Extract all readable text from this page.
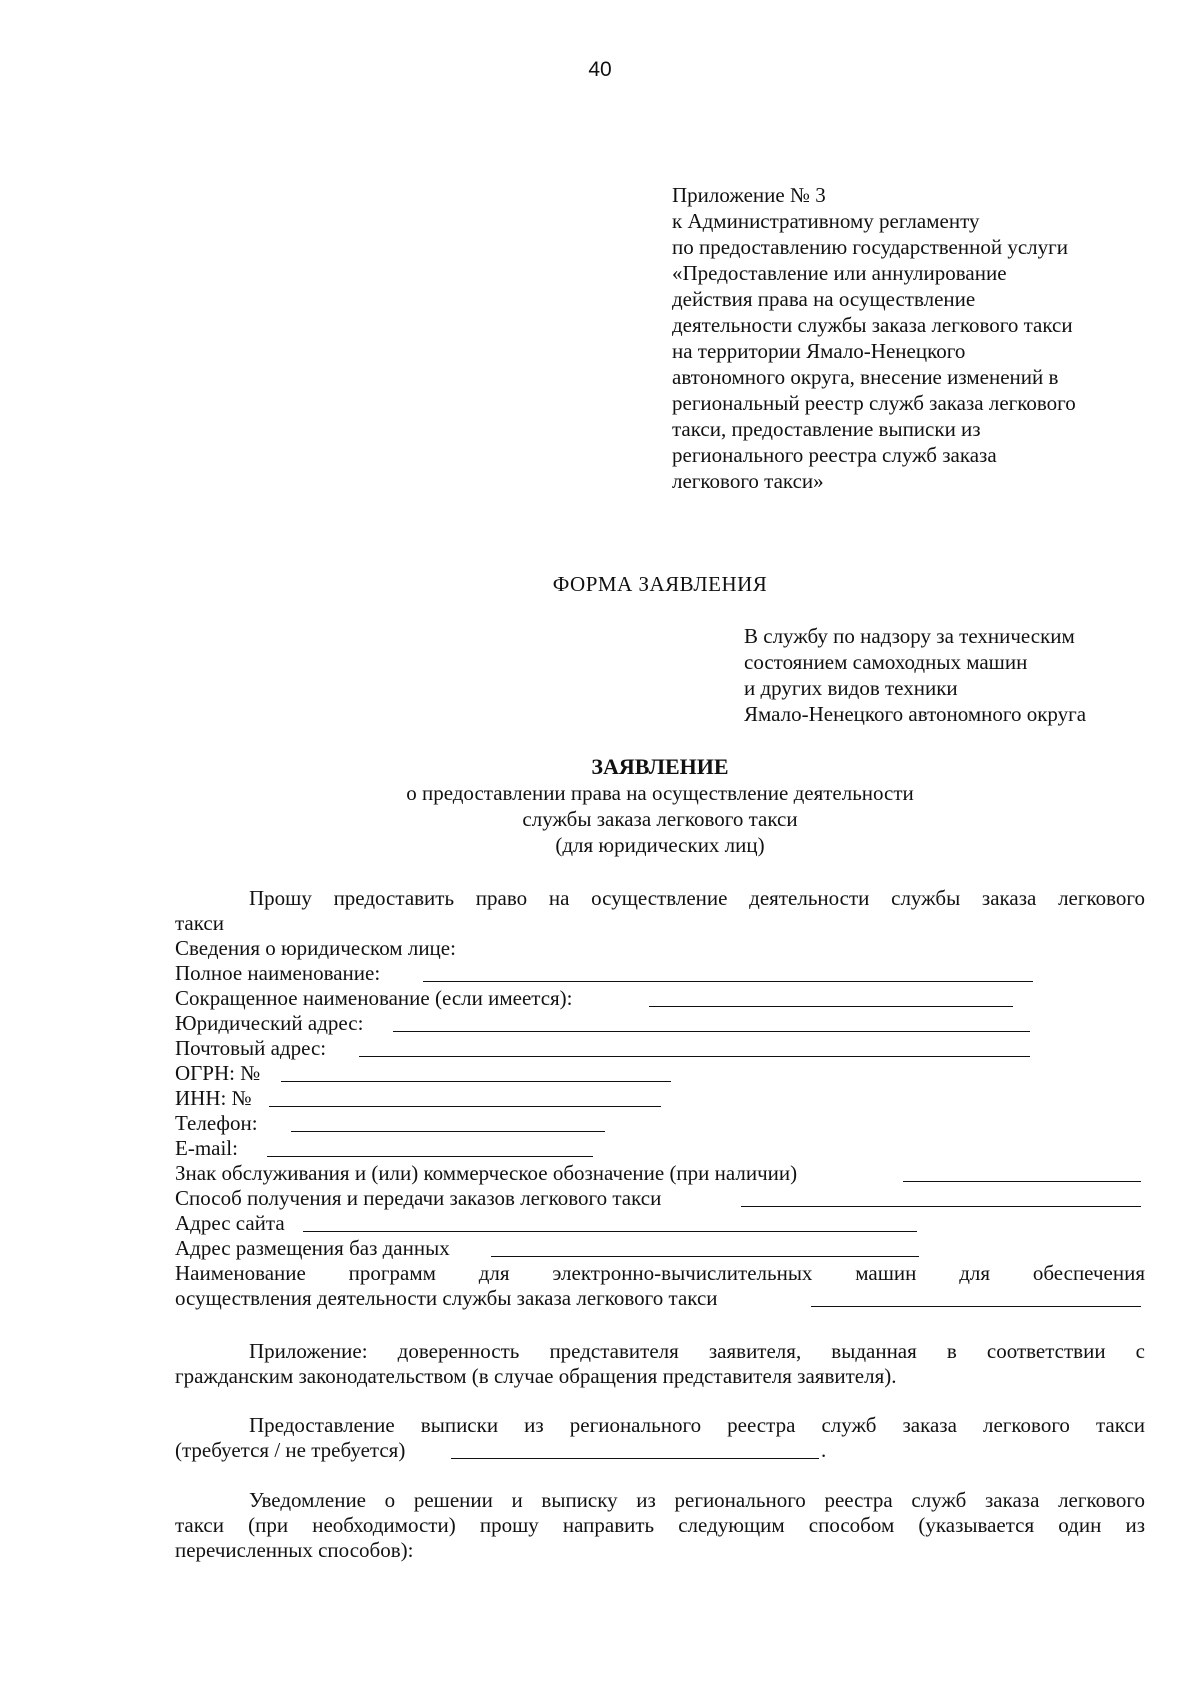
40
Приложение № 3
к Административному регламенту
по предоставлению государственной услуги
«Предоставление или аннулирование
действия права на осуществление
деятельности службы заказа легкового такси
на территории Ямало-Ненецкого
автономного округа, внесение изменений в
региональный реестр служб заказа легкового
такси, предоставление выписки из
регионального реестра служб заказа
легкового такси»
ФОРМА ЗАЯВЛЕНИЯ
В службу по надзору за техническим
состоянием самоходных машин
и других видов техники
Ямало-Ненецкого автономного округа
ЗАЯВЛЕНИЕ
о предоставлении права на осуществление деятельности
службы заказа легкового такси
(для юридических лиц)
Прошу предоставить право на осуществление деятельности службы заказа легкового
такси
Сведения о юридическом лице:
Полное наименование:
Сокращенное наименование (если имеется):
Юридический адрес:
Почтовый адрес:
ОГРН: №
ИНН: №
Телефон:
E-mail:
Знак обслуживания и (или) коммерческое обозначение (при наличии)
Способ получения и передачи заказов легкового такси
Адрес сайта
Адрес размещения баз данных
Наименование программ для электронно-вычислительных машин для обеспечения
осуществления деятельности службы заказа легкового такси
Приложение: доверенность представителя заявителя, выданная в соответствии с
гражданским законодательством (в случае обращения представителя заявителя).
Предоставление выписки из регионального реестра служб заказа легкового такси
(требуется / не требуется)	.
Уведомление о решении и выписку из регионального реестра служб заказа легкового
такси (при необходимости) прошу направить следующим способом (указывается один из
перечисленных способов):
